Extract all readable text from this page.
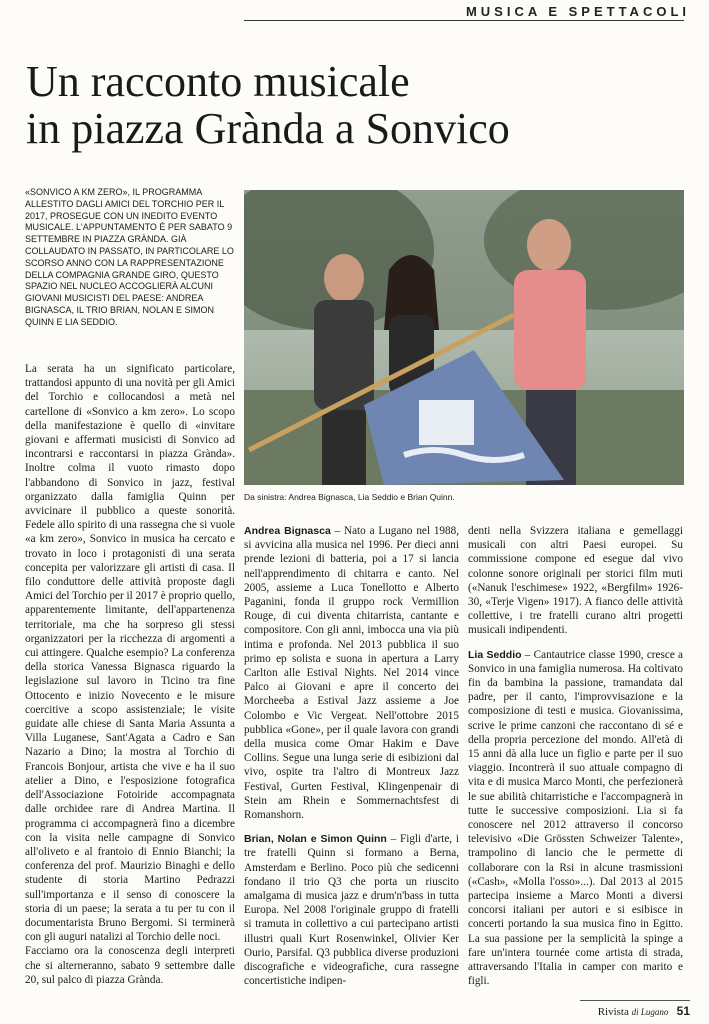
MUSICA E SPETTACOLI
Un racconto musicale
in piazza Grànda a Sonvico
«SONVICO A KM ZERO», IL PROGRAMMA ALLESTITO DAGLI AMICI DEL TORCHIO PER IL 2017, PROSEGUE CON UN INEDITO EVENTO MUSICALE. L'APPUNTAMENTO È PER SABATO 9 SETTEMBRE IN PIAZZA GRÀNDA. GIÀ COLLAUDATO IN PASSATO, IN PARTICOLARE LO SCORSO ANNO CON LA RAPPRESENTAZIONE DELLA COMPAGNIA GRANDE GIRO, QUESTO SPAZIO NEL NUCLEO ACCOGLIERÀ ALCUNI GIOVANI MUSICISTI DEL PAESE: ANDREA BIGNASCA, IL TRIO BRIAN, NOLAN E SIMON QUINN E LIA SEDDIO.
Da sinistra: Andrea Bignasca, Lia Seddio e Brian Quinn.

La serata ha un significato particolare, trattandosi appunto di una novità per gli Amici del Torchio e collocandosi a metà nel cartellone di «Sonvico a km zero». Lo scopo della manifestazione è quello di «invitare giovani e affermati musicisti di Sonvico ad incontrarsi e raccontarsi in piazza Grànda». Inoltre colma il vuoto rimasto dopo l'abbandono di Sonvico in jazz, festival organizzato dalla famiglia Quinn per avvicinare il pubblico a queste sonorità. Fedele allo spirito di una rassegna che si vuole «a km zero», Sonvico in musica ha cercato e trovato in loco i protagonisti di una serata concepita per valorizzare gli artisti di casa. Il filo conduttore delle attività proposte dagli Amici del Torchio per il 2017 è proprio quello, apparentemente limitante, dell'appartenenza territoriale, ma che ha sorpreso gli stessi organizzatori per la ricchezza di argomenti a cui attingere. Qualche esempio? La conferenza della storica Vanessa Bignasca riguardo la legislazione sul lavoro in Ticino tra fine Ottocento e inizio Novecento e le misure coercitive a scopo assistenziale; le visite guidate alle chiese di Santa Maria Assunta a Villa Luganese, Sant'Agata a Cadro e San Nazario a Dino; la mostra al Torchio di Francois Bonjour, artista che vive e ha il suo atelier a Dino, e l'esposizione fotografica dell'Associazione Fotoiride accompagnata dalle orchidee rare di Andrea Martina. Il programma ci accompagnerà fino a dicembre con la visita nelle campagne di Sonvico all'oliveto e al frantoio di Ennio Bianchi; la conferenza del prof. Maurizio Binaghi e dello studente di storia Martino Pedrazzi sull'importanza e il senso di conoscere la storia di un paese; la serata a tu per tu con il documentarista Bruno Bergomi. Si terminerà con gli auguri natalizi al Torchio delle noci.

Facciamo ora la conoscenza degli interpreti che si alterneranno, sabato 9 settembre dalle 20, sul palco di piazza Grànda.

Andrea Bignasca – Nato a Lugano nel 1988, si avvicina alla musica nel 1996. Per dieci anni prende lezioni di batteria, poi a 17 si lancia nell'apprendimento di chitarra e canto. Nel 2005, assieme a Luca Tonellotto e Alberto Paganini, fonda il gruppo rock Vermillion Rouge, di cui diventa chitarrista, cantante e compositore. Con gli anni, imbocca una via più intima e profonda. Nel 2013 pubblica il suo primo ep solista e suona in apertura a Larry Carlton alle Estival Nights. Nel 2014 vince Palco ai Giovani e apre il concerto dei Morcheeba a Estival Jazz assieme a Joe Colombo e Vic Vergeat. Nell'ottobre 2015 pubblica «Gone», per il quale lavora con grandi della musica come Omar Hakim e Dave Collins. Segue una lunga serie di esibizioni dal vivo, ospite tra l'altro di Montreux Jazz Festival, Gurten Festival, Klingenpenair di Stein am Rhein e Sommernachtsfest di Romanshorn.

Brian, Nolan e Simon Quinn – Figli d'arte, i tre fratelli Quinn si formano a Berna, Amsterdam e Berlino. Poco più che sedicenni fondano il trio Q3 che porta un riuscito amalgama di musica jazz e drum'n'bass in tutta Europa. Nel 2008 l'originale gruppo di fratelli si tramuta in collettivo a cui partecipano artisti illustri quali Kurt Rosenwinkel, Olivier Ker Ourio, Parsifal. Q3 pubblica diverse produzioni discografiche e videografiche, cura rassegne concertistiche indipen-

denti nella Svizzera italiana e gemellaggi musicali con altri Paesi europei. Su commissione compone ed esegue dal vivo colonne sonore originali per storici film muti («Nanuk l'eschimese» 1922, «Bergfilm» 1926-30, «Terje Vigen» 1917). A fianco delle attività collettive, i tre fratelli curano altri progetti musicali indipendenti.

Lia Seddio – Cantautrice classe 1990, cresce a Sonvico in una famiglia numerosa. Ha coltivato fin da bambina la passione, tramandata dal padre, per il canto, l'improvvisazione e la composizione di testi e musica. Giovanissima, scrive le prime canzoni che raccontano di sé e della propria percezione del mondo. All'età di 15 anni dà alla luce un figlio e parte per il suo viaggio. Incontrerà il suo attuale compagno di vita e di musica Marco Monti, che perfezionerà le sue abilità chitarristiche e l'accompagnerà in tutte le successive composizioni. Lia si fa conoscere nel 2012 attraverso il concorso televisivo «Die Grössten Schweizer Talente», trampolino di lancio che le permette di collaborare con la Rsi in alcune trasmissioni («Cash», «Molla l'osso»...). Dal 2013 al 2015 partecipa insieme a Marco Monti a diversi concorsi italiani per autori e si esibisce in concerti portando la sua musica fino in Egitto. La sua passione per la semplicità la spinge a fare un'intera tournée come artista di strada, attraversando l'Italia in camper con marito e figli.

Rivista di Lugano 51
